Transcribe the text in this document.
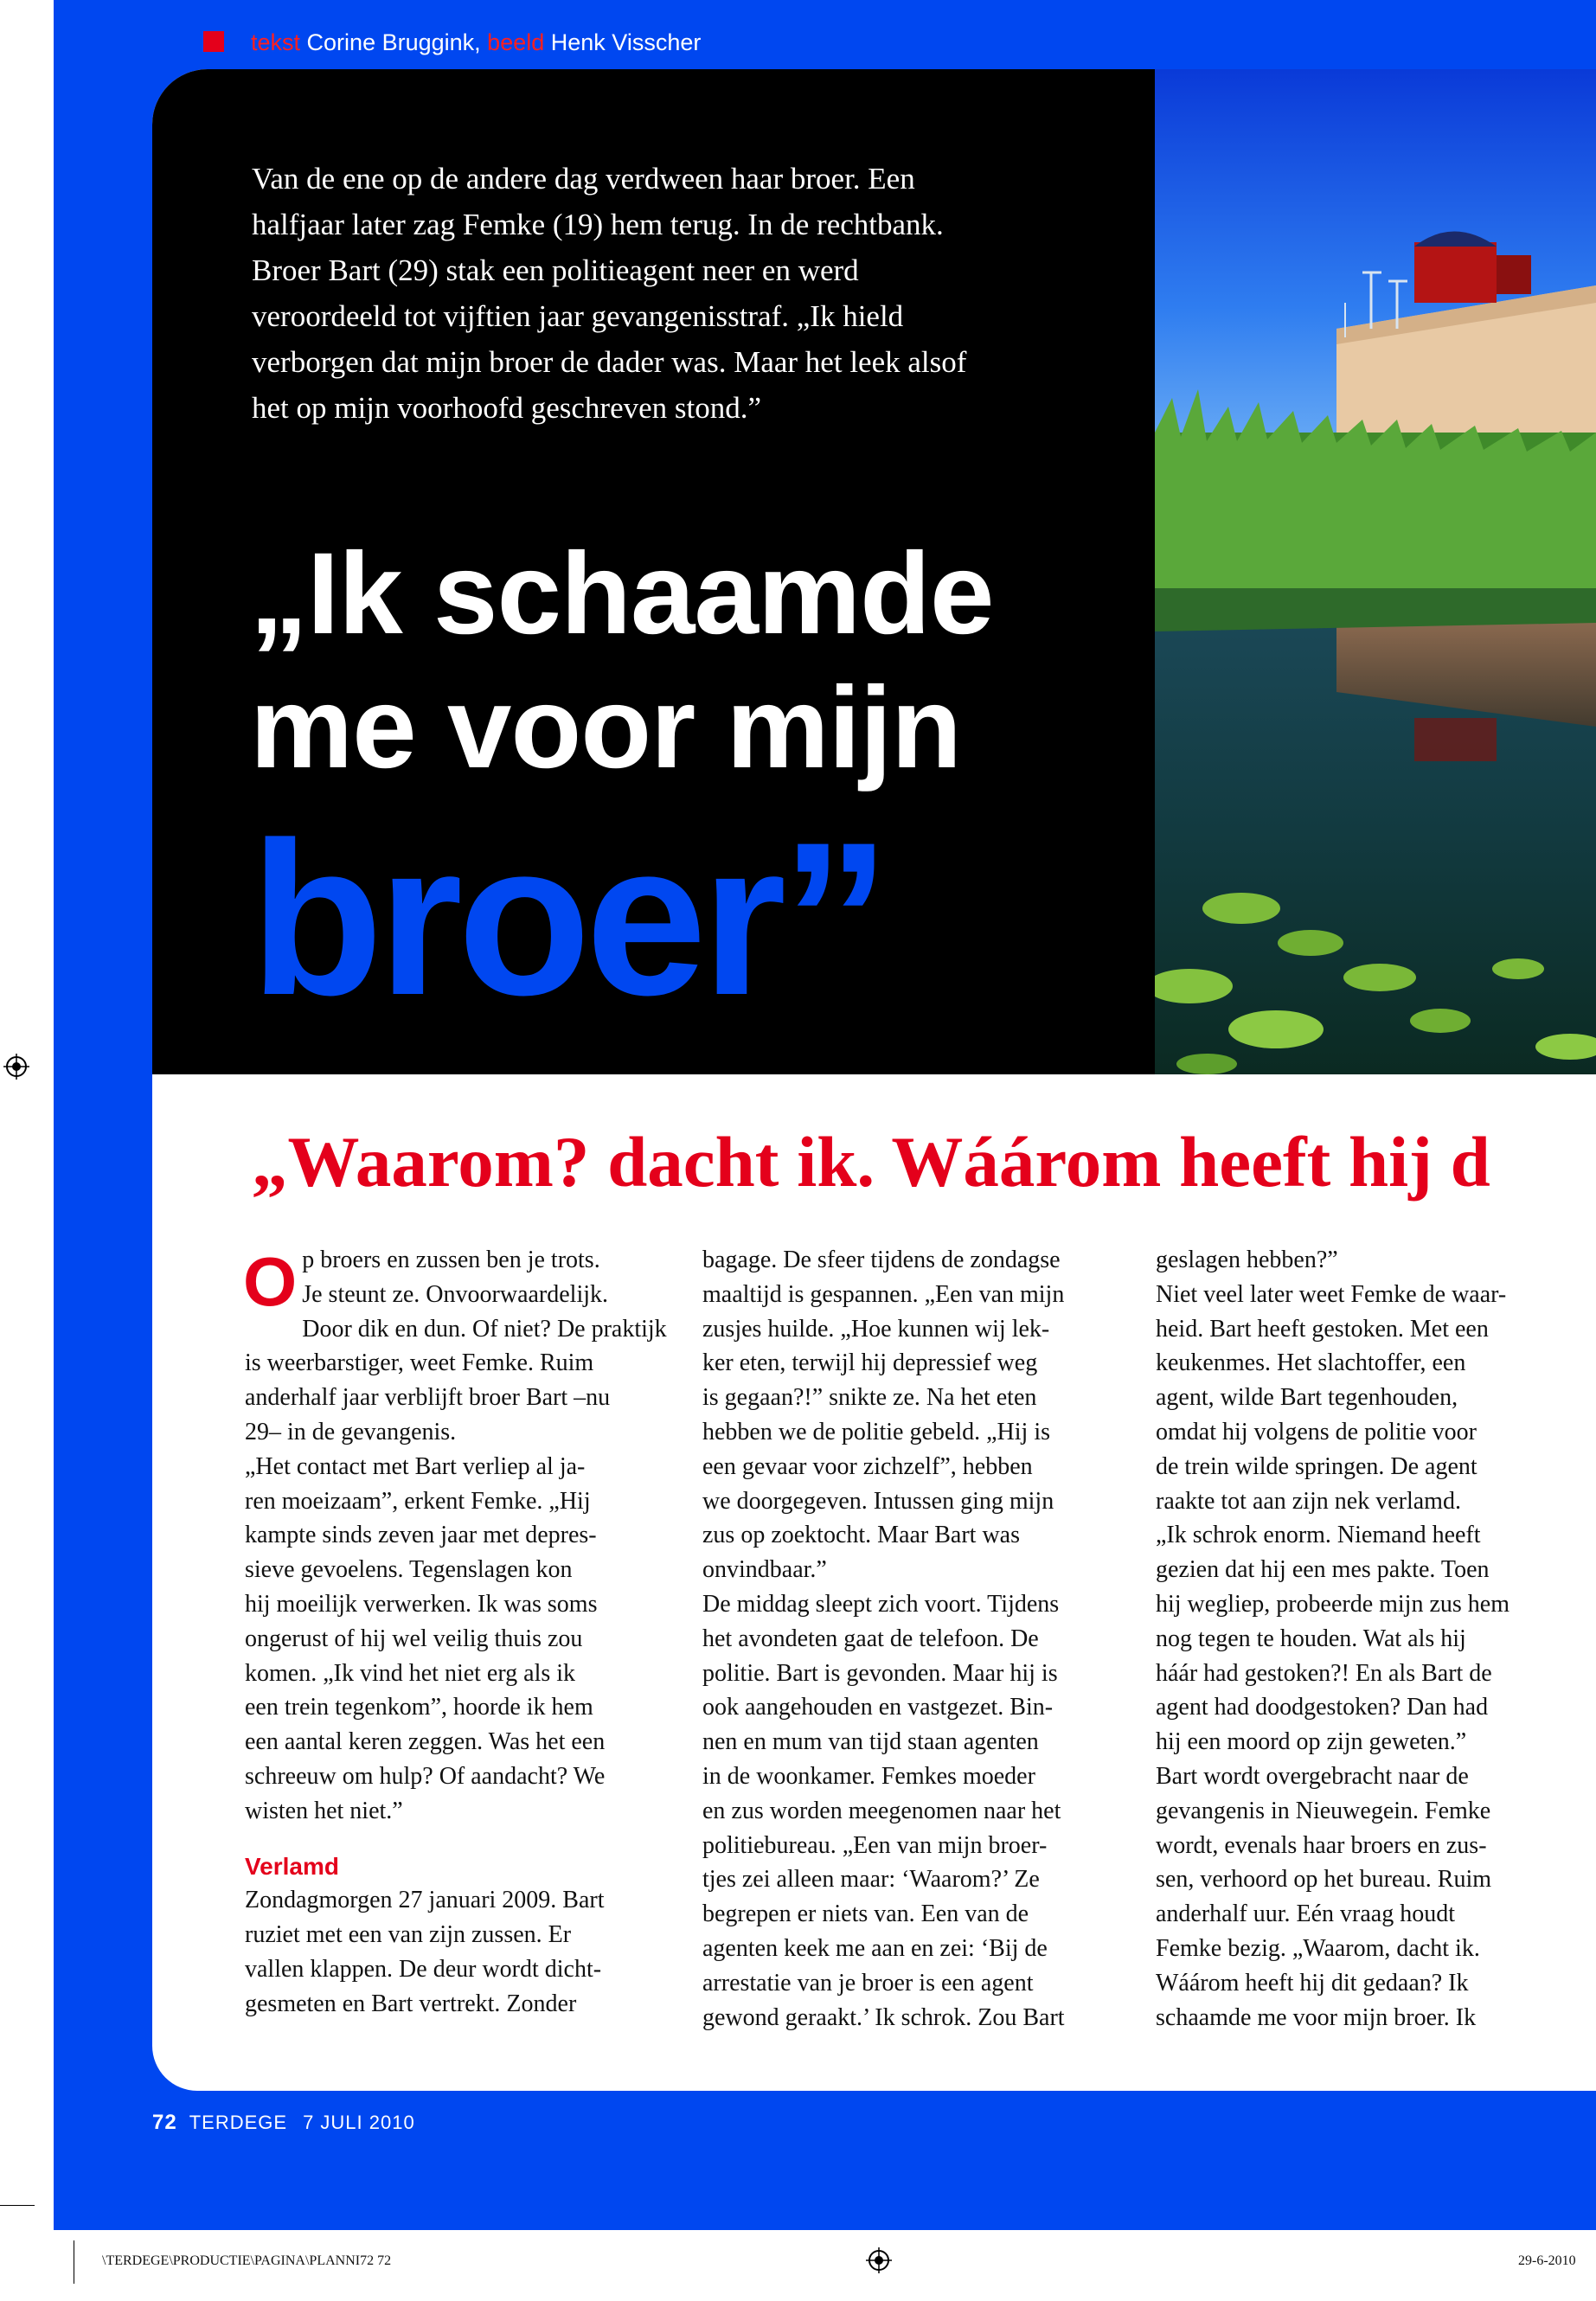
tekst Corine Bruggink, beeld Henk Visscher
Van de ene op de andere dag verdween haar broer. Een
halfjaar later zag Femke (19) hem terug. In de rechtbank.
Broer Bart (29) stak een politieagent neer en werd
veroordeeld tot vijftien jaar gevangenisstraf. „Ik hield
verborgen dat mijn broer de dader was. Maar het leek alsof
het op mijn voorhoofd geschreven stond.”
„Ik schaamde
me voor mijn
broer”
„Waarom? dacht ik. Wáárom heeft hij d
O p broers en zussen ben je trots.
Je steunt ze. Onvoorwaardelijk.
Door dik en dun. Of niet? De praktijk
is weerbarstiger, weet Femke. Ruim
anderhalf jaar verblijft broer Bart –nu
29– in de gevangenis.
„Het contact met Bart verliep al ja-
ren moeizaam”, erkent Femke. „Hij
kampte sinds zeven jaar met depres-
sieve gevoelens. Tegenslagen kon
hij moeilijk verwerken. Ik was soms
ongerust of hij wel veilig thuis zou
komen. „Ik vind het niet erg als ik
een trein tegenkom”, hoorde ik hem
een aantal keren zeggen. Was het een
schreeuw om hulp? Of aandacht? We
wisten het niet.”
Verlamd
Zondagmorgen 27 januari 2009. Bart
ruziet met een van zijn zussen. Er
vallen klappen. De deur wordt dicht-
gesmeten en Bart vertrekt. Zonder
bagage. De sfeer tijdens de zondagse
maaltijd is gespannen. „Een van mijn
zusjes huilde. „Hoe kunnen wij lek-
ker eten, terwijl hij depressief weg
is gegaan?!” snikte ze. Na het eten
hebben we de politie gebeld. „Hij is
een gevaar voor zichzelf”, hebben
we doorgegeven. Intussen ging mijn
zus op zoektocht. Maar Bart was
onvindbaar.”
De middag sleept zich voort. Tijdens
het avondeten gaat de telefoon. De
politie. Bart is gevonden. Maar hij is
ook aangehouden en vastgezet. Bin-
nen en mum van tijd staan agenten
in de woonkamer. Femkes moeder
en zus worden meegenomen naar het
politiebureau. „Een van mijn broer-
tjes zei alleen maar: ‘Waarom?’ Ze
begrepen er niets van. Een van de
agenten keek me aan en zei: ‘Bij de
arrestatie van je broer is een agent
gewond geraakt.’ Ik schrok. Zou Bart
geslagen hebben?”
Niet veel later weet Femke de waar-
heid. Bart heeft gestoken. Met een
keukenmes. Het slachtoffer, een
agent, wilde Bart tegenhouden,
omdat hij volgens de politie voor
de trein wilde springen. De agent
raakte tot aan zijn nek verlamd.
„Ik schrok enorm. Niemand heeft
gezien dat hij een mes pakte. Toen
hij wegliep, probeerde mijn zus hem
nog tegen te houden. Wat als hij
háár had gestoken?! En als Bart de
agent had doodgestoken? Dan had
hij een moord op zijn geweten.”
Bart wordt overgebracht naar de
gevangenis in Nieuwegein. Femke
wordt, evenals haar broers en zus-
sen, verhoord op het bureau. Ruim
anderhalf uur. Eén vraag houdt
Femke bezig. „Waarom, dacht ik.
Wáárom heeft hij dit gedaan? Ik
schaamde me voor mijn broer. Ik
72 TERDEGE 7 JULI 2010
\TERDEGE\PRODUCTIE\PAGINA\PLANNI72 72	29-6-2010
